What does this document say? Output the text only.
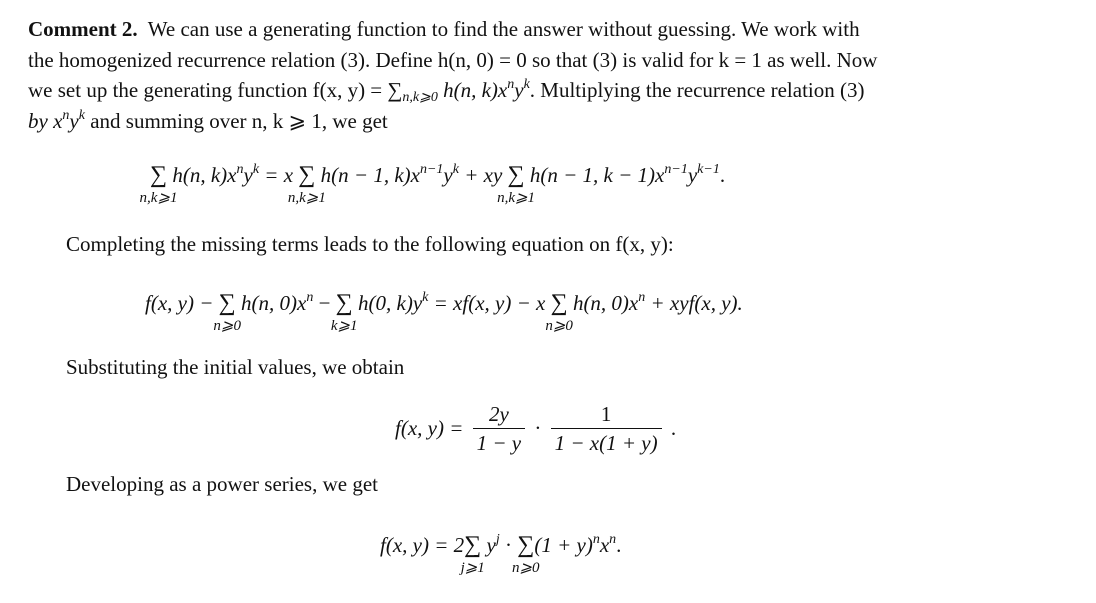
Comment 2. We can use a generating function to find the answer without guessing. We work with
the homogenized recurrence relation (3). Define h(n, 0) = 0 so that (3) is valid for k = 1 as well. Now
we set up the generating function f(x, $y) = \sum_{n,k⩾0}$ h(n, $k)x^ny^k$. Multiplying the recurrence relation (3)
by $x^ny^k$ and summing over n, k ⩾ 1, we get
∑
n,k⩾1
h(n, $k)x^ny^k = x$ ∑
n,k⩾1
h(n − 1, $k)x^{n-1}y^k$ + xy ∑
n,k⩾1
h(n − 1, $k - 1)x^{n-1}y^{k-1}$.
Completing the missing terms leads to the following equation on f(x, y):
f(x, y) − ∑
n⩾0
h(n, $0)x^n$ − ∑
k⩾1
h(0, $k)y^k = xf(x$, y) − x ∑
n⩾0
h(n, $0)x^n + xyf(x$, y).
Substituting the initial values, we obtain
f(x, $y) = \frac{2y}{1 - y} \cdot \frac{1}{1 - x(1 + y)}$ .
Developing as a power series, we get
f(x, y) = 2∑
j⩾1
$y^j$ · ∑
n⩾0
$(1 + y)^nx^n$.
